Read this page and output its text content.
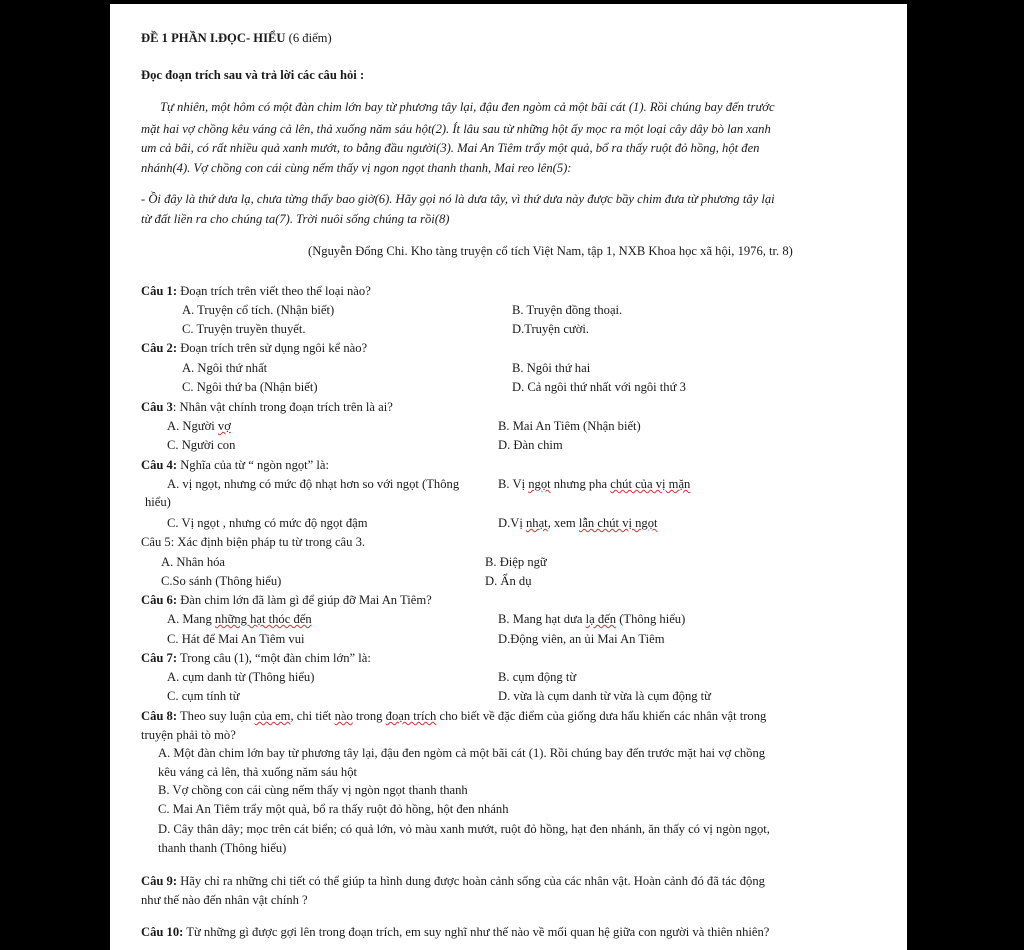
ĐỀ 1 PHẦN I.ĐỌC- HIỂU (6 điểm)
Đọc đoạn trích sau và trả lời các câu hỏi :
Tự nhiên, một hôm có một đàn chim lớn bay từ phương tây lại, đậu đen ngòm cả một bãi cát (1). Rồi chúng bay đến trước
mặt hai vợ chồng kêu váng cả lên, thả xuống năm sáu hột(2). Ít lâu sau từ những hột ấy mọc ra một loại cây dây bò lan xanh
um cả bãi, có rất nhiều quả xanh mướt, to bằng đầu người(3). Mai An Tiêm trẩy một quả, bổ ra thấy ruột đỏ hồng, hột đen
nhánh(4). Vợ chồng con cái cùng nếm thấy vị ngon ngọt thanh thanh, Mai reo lên(5):
- Ồi đây là thứ dưa lạ, chưa từng thấy bao giờ(6). Hãy gọi nó là dưa tây, vì thứ dưa này được bầy chim đưa từ phương tây lại
từ đất liền ra cho chúng ta(7). Trời nuôi sống chúng ta rồi(8)
(Nguyễn Đổng Chi. Kho tàng truyện cổ tích Việt Nam, tập 1, NXB Khoa học xã hội, 1976, tr. 8)
Câu 1: Đoạn trích trên viết theo thể loại nào?
A. Truyện cổ tích. (Nhận biết)	B. Truyện đồng thoại.
C. Truyện truyền thuyết.	D.Truyện cười.
Câu 2: Đoạn trích trên sử dụng ngôi kể nào?
A. Ngôi thứ nhất	B. Ngôi thứ hai
C. Ngôi thứ ba (Nhận biết)	D. Cả ngôi thứ nhất với ngôi thứ 3
Câu 3: Nhân vật chính trong đoạn trích trên là ai?
A. Người vợ	B. Mai An Tiêm (Nhận biết)
C. Người con	D. Đàn chim
Câu 4: Nghĩa của từ “ ngòn ngọt” là:
A. vị ngọt, nhưng có mức độ nhạt hơn so với ngọt (Thông	B. Vị ngọt nhưng pha chút của vị mặn
hiểu)
C. Vị ngọt , nhưng có mức độ ngọt đậm	D.Vị nhạt, xem lẫn chút vị ngọt
Câu 5: Xác định biện pháp tu từ trong câu 3.
A. Nhân hóa	B. Điệp ngữ
C.So sánh (Thông hiểu)	D. Ẩn dụ
Câu 6: Đàn chim lớn đã làm gì để giúp đỡ Mai An Tiêm?
A. Mang những hạt thóc đến	B. Mang hạt dưa lạ đến (Thông hiểu)
C. Hát để Mai An Tiêm vui	D.Động viên, an ủi Mai An Tiêm
Câu 7: Trong câu (1), “một đàn chim lớn” là:
A. cụm danh từ (Thông hiểu)	B. cụm động từ
C. cụm tính từ	D. vừa là cụm danh từ vừa là cụm động từ
Câu 8: Theo suy luận của em, chi tiết nào trong đoạn trích cho biết về đặc điểm của giống dưa hấu khiến các nhân vật trong
truyện phải tò mò?
A. Một đàn chim lớn bay từ phương tây lại, đậu đen ngòm cả một bãi cát (1). Rồi chúng bay đến trước mặt hai vợ chồng
kêu váng cả lên, thả xuống năm sáu hột
B. Vợ chồng con cái cùng nếm thấy vị ngòn ngọt thanh thanh
C. Mai An Tiêm trẩy một quả, bổ ra thấy ruột đỏ hồng, hột đen nhánh
D. Cây thân dây; mọc trên cát biển; có quả lớn, vỏ màu xanh mướt, ruột đỏ hồng, hạt đen nhánh, ăn thấy có vị ngòn ngọt,
thanh thanh (Thông hiểu)
Câu 9: Hãy chỉ ra những chi tiết có thể giúp ta hình dung được hoàn cảnh sống của các nhân vật. Hoàn cảnh đó đã tác động
như thế nào đến nhân vật chính ?
Câu 10: Từ những gì được gợi lên trong đoạn trích, em suy nghĩ như thế nào về mối quan hệ giữa con người và thiên nhiên?
